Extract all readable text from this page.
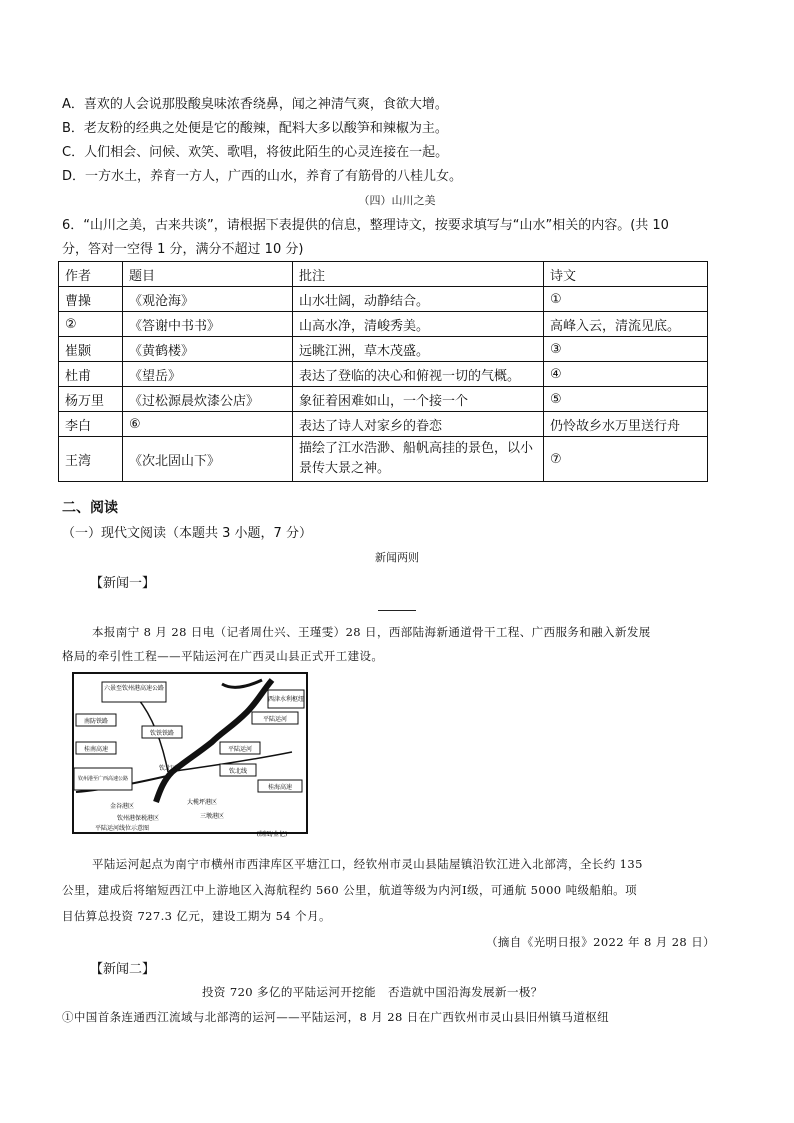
A．喜欢的人会说那股酸臭味浓香绕鼻，闻之神清气爽，食欲大增。
B．老友粉的经典之处便是它的酸辣，配料大多以酸笋和辣椒为主。
C．人们相会、问候、欢笑、歌唱，将彼此陌生的心灵连接在一起。
D．一方水土，养育一方人，广西的山水，养育了有筋骨的八桂儿女。
（四）山川之美
6．“山川之美，古来共谈”，请根据下表提供的信息，整理诗文，按要求填写与“山水”相关的内容。(共 10
分，答对一空得 1 分，满分不超过 10 分)
作者	题目	批注	诗文
曹操	《观沧海》	山水壮阔，动静结合。	①
②	《答谢中书书》	山高水净，清峻秀美。	高峰入云，清流见底。
崔颢	《黄鹤楼》	远眺江洲，草木茂盛。	③
杜甫	《望岳》	表达了登临的决心和俯视一切的气概。	④
杨万里	《过松源晨炊漆公店》	象征着困难如山，一个接一个	⑤
李白	⑥	表达了诗人对家乡的眷恋	仍怜故乡水万里送行舟
王湾	《次北固山下》	描绘了江水浩渺、船帆高挂的景色，以小景传大景之神。	⑦
二、阅读
（一）现代文阅读（本题共 3 小题，7 分）
新闻两则
【新闻一】
本报南宁 8 月 28 日电（记者周仕兴、王瑾雯）28 日，西部陆海新通道骨干工程、广西服务和融入新发展
格局的牵引性工程——平陆运河在广西灵山县正式开工建设。
六景至钦州港高速公路
西津水利枢纽
南防铁路
钦铁铁路
平陆运河
桂南高速	平陆运河
钦北区	钦北线
钦州港至广西高速公路
桂海高速
金谷港区
大榄坪港区
钦州港保税港区	三墩港区
平陆运河线位示意图
(制图/金亿)
平陆运河起点为南宁市横州市西津库区平塘江口，经钦州市灵山县陆屋镇沿钦江进入北部湾，全长约 135
公里，建成后将缩短西江中上游地区入海航程约 560 公里，航道等级为内河Ⅰ级，可通航 5000 吨级船舶。项
目估算总投资 727.3 亿元，建设工期为 54 个月。
（摘自《光明日报》2022 年 8 月 28 日）
【新闻二】
投资 720 多亿的平陆运河开挖能　否造就中国沿海发展新一极？
①中国首条连通西江流域与北部湾的运河——平陆运河，8 月 28 日在广西钦州市灵山县旧州镇马道枢纽
